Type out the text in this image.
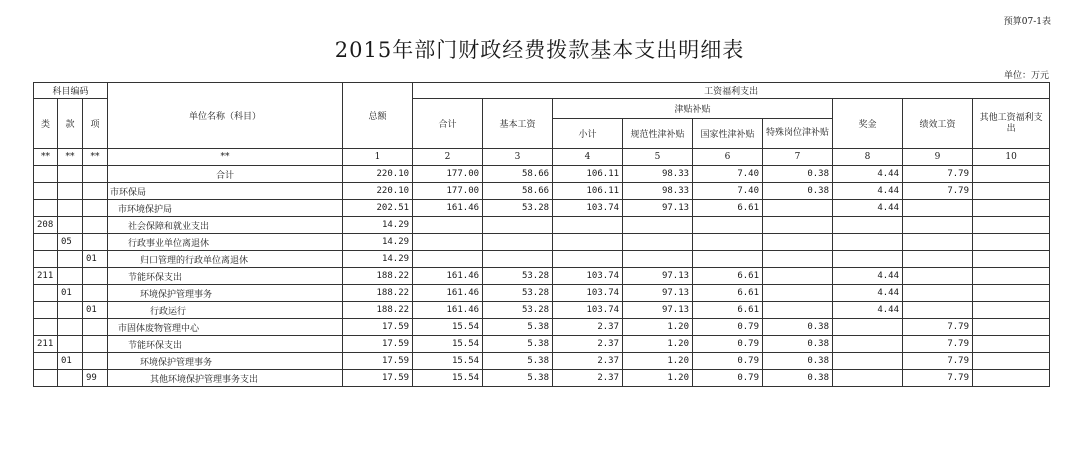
预算07-1表
2015年部门财政经费拨款基本支出明细表
单位：万元
科目编码			单位名称（科目）	总额	工资福利支出								
类	款	项			合计	基本工资	津贴补贴				奖金	绩效工资	其他工资福利支出
							小计	规范性津补贴	国家性津补贴	特殊岗位津补贴			
**	**	**	**	1	2	3	4	5	6	7	8	9	10
			合计	220.10	177.00	58.66	106.11	98.33	7.40	0.38	4.44	7.79	
			市环保局	220.10	177.00	58.66	106.11	98.33	7.40	0.38	4.44	7.79	
			市环境保护局	202.51	161.46	53.28	103.74	97.13	6.61		4.44		
208			社会保障和就业支出	14.29									
	05		行政事业单位离退休	14.29									
		01	归口管理的行政单位离退休	14.29									
211			节能环保支出	188.22	161.46	53.28	103.74	97.13	6.61		4.44		
	01		环境保护管理事务	188.22	161.46	53.28	103.74	97.13	6.61		4.44		
		01	行政运行	188.22	161.46	53.28	103.74	97.13	6.61		4.44		
			市固体废物管理中心	17.59	15.54	5.38	2.37	1.20	0.79	0.38		7.79	
211			节能环保支出	17.59	15.54	5.38	2.37	1.20	0.79	0.38		7.79	
	01		环境保护管理事务	17.59	15.54	5.38	2.37	1.20	0.79	0.38		7.79	
		99	其他环境保护管理事务支出	17.59	15.54	5.38	2.37	1.20	0.79	0.38		7.79	
